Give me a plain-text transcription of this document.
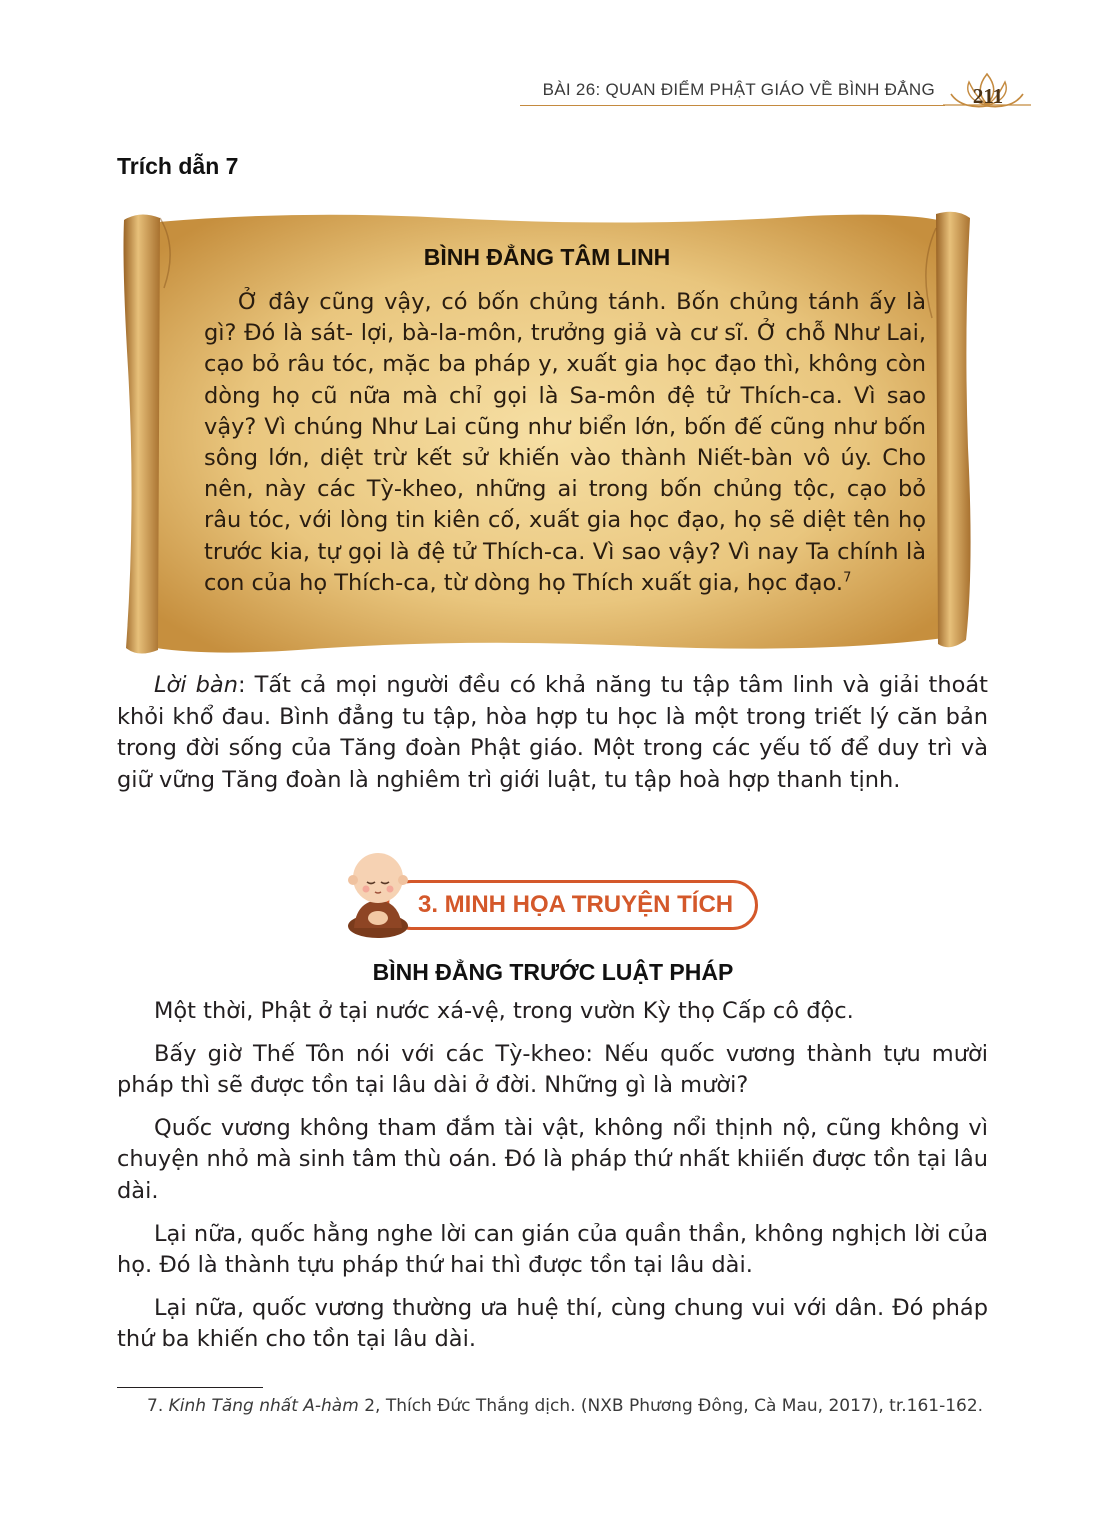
BÀI 26: QUAN ĐIỂM PHẬT GIÁO VỀ BÌNH ĐẲNG	211
Trích dẫn 7
BÌNH ĐẲNG TÂM LINH
Ở đây cũng vậy, có bốn chủng tánh. Bốn chủng tánh ấy là gì? Đó là sát- lợi, bà-la-môn, trưởng giả và cư sĩ. Ở chỗ Như Lai, cạo bỏ râu tóc, mặc ba pháp y, xuất gia học đạo thì, không còn dòng họ cũ nữa mà chỉ gọi là Sa-môn đệ tử Thích-ca. Vì sao vậy? Vì chúng Như Lai cũng như biển lớn, bốn đế cũng như bốn sông lớn, diệt trừ kết sử khiến vào thành Niết-bàn vô úy. Cho nên, này các Tỳ-kheo, những ai trong bốn chủng tộc, cạo bỏ râu tóc, với lòng tin kiên cố, xuất gia học đạo, họ sẽ diệt tên họ trước kia, tự gọi là đệ tử Thích-ca. Vì sao vậy? Vì nay Ta chính là con của họ Thích-ca, từ dòng họ Thích xuất gia, học đạo.$^7$

Lời bàn: Tất cả mọi người đều có khả năng tu tập tâm linh và giải thoát khỏi khổ đau. Bình đẳng tu tập, hòa hợp tu học là một trong triết lý căn bản trong đời sống của Tăng đoàn Phật giáo. Một trong các yếu tố để duy trì và giữ vững Tăng đoàn là nghiêm trì giới luật, tu tập hoà hợp thanh tịnh.

3. MINH HỌA TRUYỆN TÍCH
BÌNH ĐẲNG TRƯỚC LUẬT PHÁP

Một thời, Phật ở tại nước xá-vệ, trong vườn Kỳ thọ Cấp cô độc.

Bấy giờ Thế Tôn nói với các Tỳ-kheo: Nếu quốc vương thành tựu mười pháp thì sẽ được tồn tại lâu dài ở đời. Những gì là mười?

Quốc vương không tham đắm tài vật, không nổi thịnh nộ, cũng không vì chuyện nhỏ mà sinh tâm thù oán. Đó là pháp thứ nhất khiiến được tồn tại lâu dài.

Lại nữa, quốc hằng nghe lời can gián của quần thần, không nghịch lời của họ. Đó là thành tựu pháp thứ hai thì được tồn tại lâu dài.

Lại nữa, quốc vương thường ưa huệ thí, cùng chung vui với dân. Đó pháp thứ ba khiến cho tồn tại lâu dài.

7. Kinh Tăng nhất A-hàm 2, Thích Đức Thắng dịch. (NXB Phương Đông, Cà Mau, 2017), tr.161-162.
